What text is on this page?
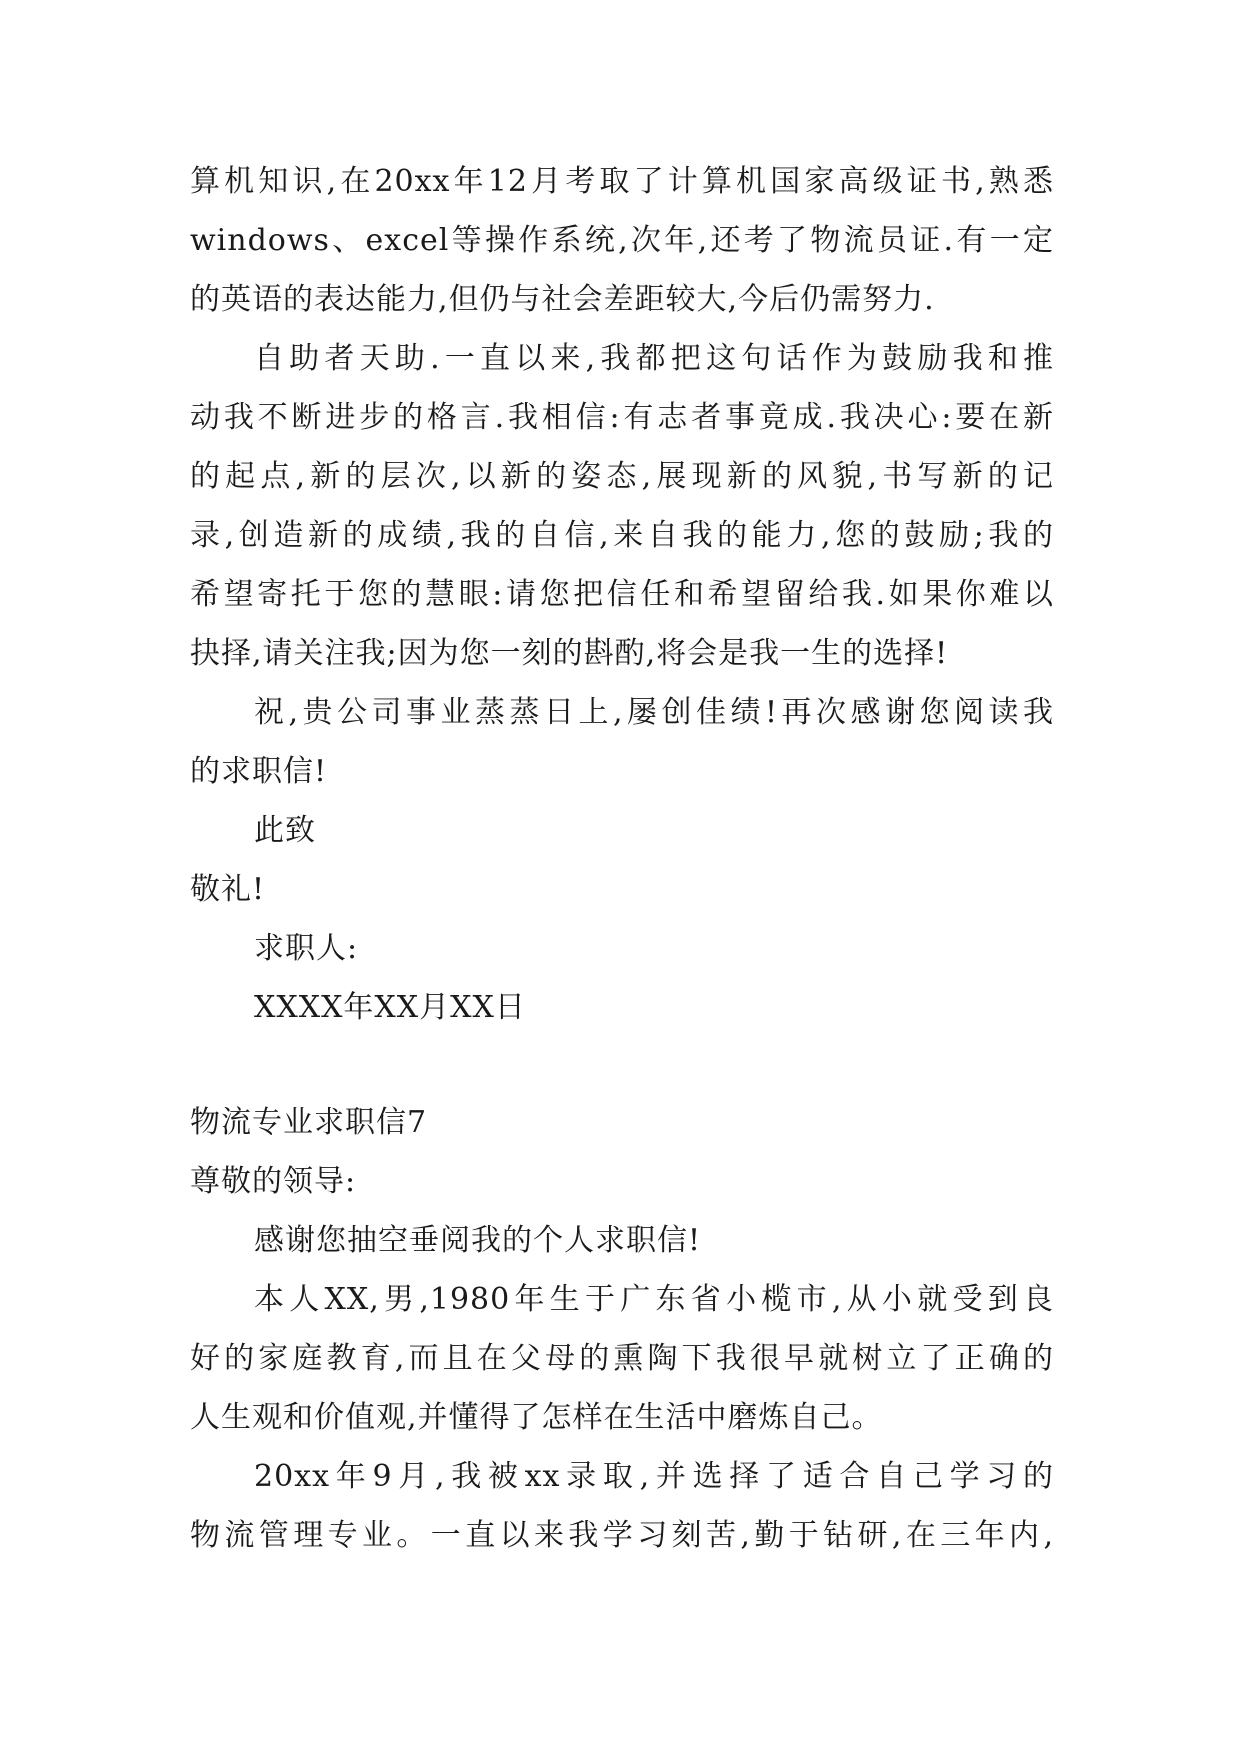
算机知识,在20xx年12月考取了计算机国家高级证书,熟悉
windows、excel等操作系统,次年,还考了物流员证.有一定
的英语的表达能力,但仍与社会差距较大,今后仍需努力.
自助者天助.一直以来,我都把这句话作为鼓励我和推
动我不断进步的格言.我相信:有志者事竟成.我决心:要在新
的起点,新的层次,以新的姿态,展现新的风貌,书写新的记
录,创造新的成绩,我的自信,来自我的能力,您的鼓励;我的
希望寄托于您的慧眼:请您把信任和希望留给我.如果你难以
抉择,请关注我;因为您一刻的斟酌,将会是我一生的选择!
祝,贵公司事业蒸蒸日上,屡创佳绩!再次感谢您阅读我
的求职信!
此致
敬礼!
求职人:
XXXX年XX月XX日
物流专业求职信7
尊敬的领导:
感谢您抽空垂阅我的个人求职信!
本人XX,男,1980年生于广东省小榄市,从小就受到良
好的家庭教育,而且在父母的熏陶下我很早就树立了正确的
人生观和价值观,并懂得了怎样在生活中磨炼自己。
20xx年9月,我被xx录取,并选择了适合自己学习的
物流管理专业。一直以来我学习刻苦,勤于钻研,在三年内,
